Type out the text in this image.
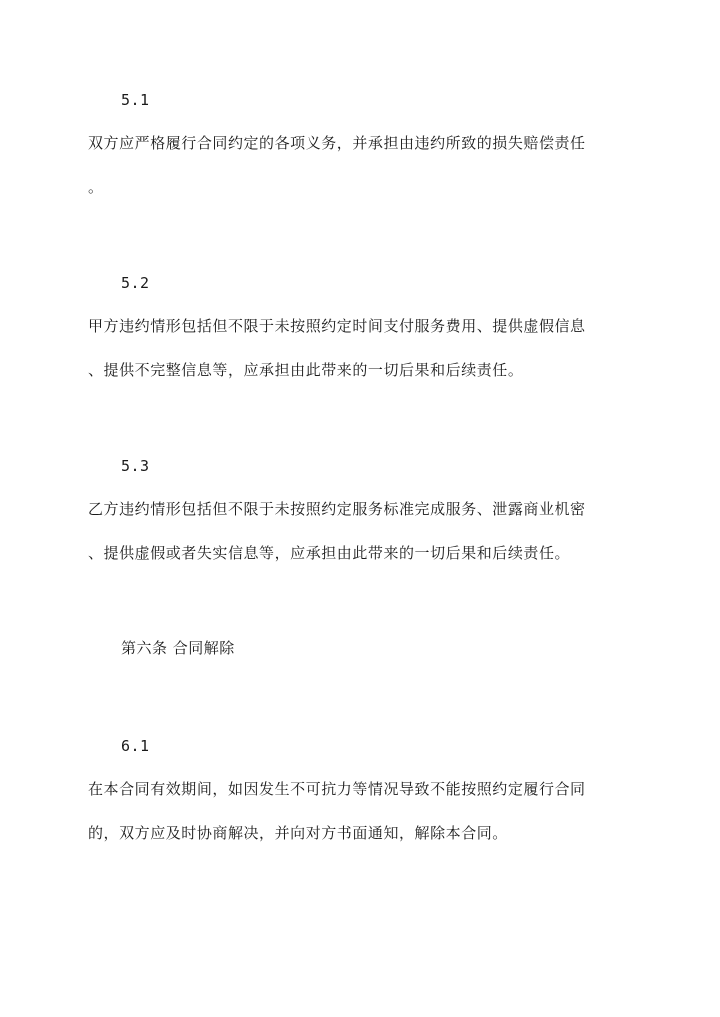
5.1
双方应严格履行合同约定的各项义务，并承担由违约所致的损失赔偿责任
。
5.2
甲方违约情形包括但不限于未按照约定时间支付服务费用、提供虚假信息
、提供不完整信息等，应承担由此带来的一切后果和后续责任。
5.3
乙方违约情形包括但不限于未按照约定服务标准完成服务、泄露商业机密
、提供虚假或者失实信息等，应承担由此带来的一切后果和后续责任。
第六条 合同解除
6.1
在本合同有效期间，如因发生不可抗力等情况导致不能按照约定履行合同
的，双方应及时协商解决，并向对方书面通知，解除本合同。
